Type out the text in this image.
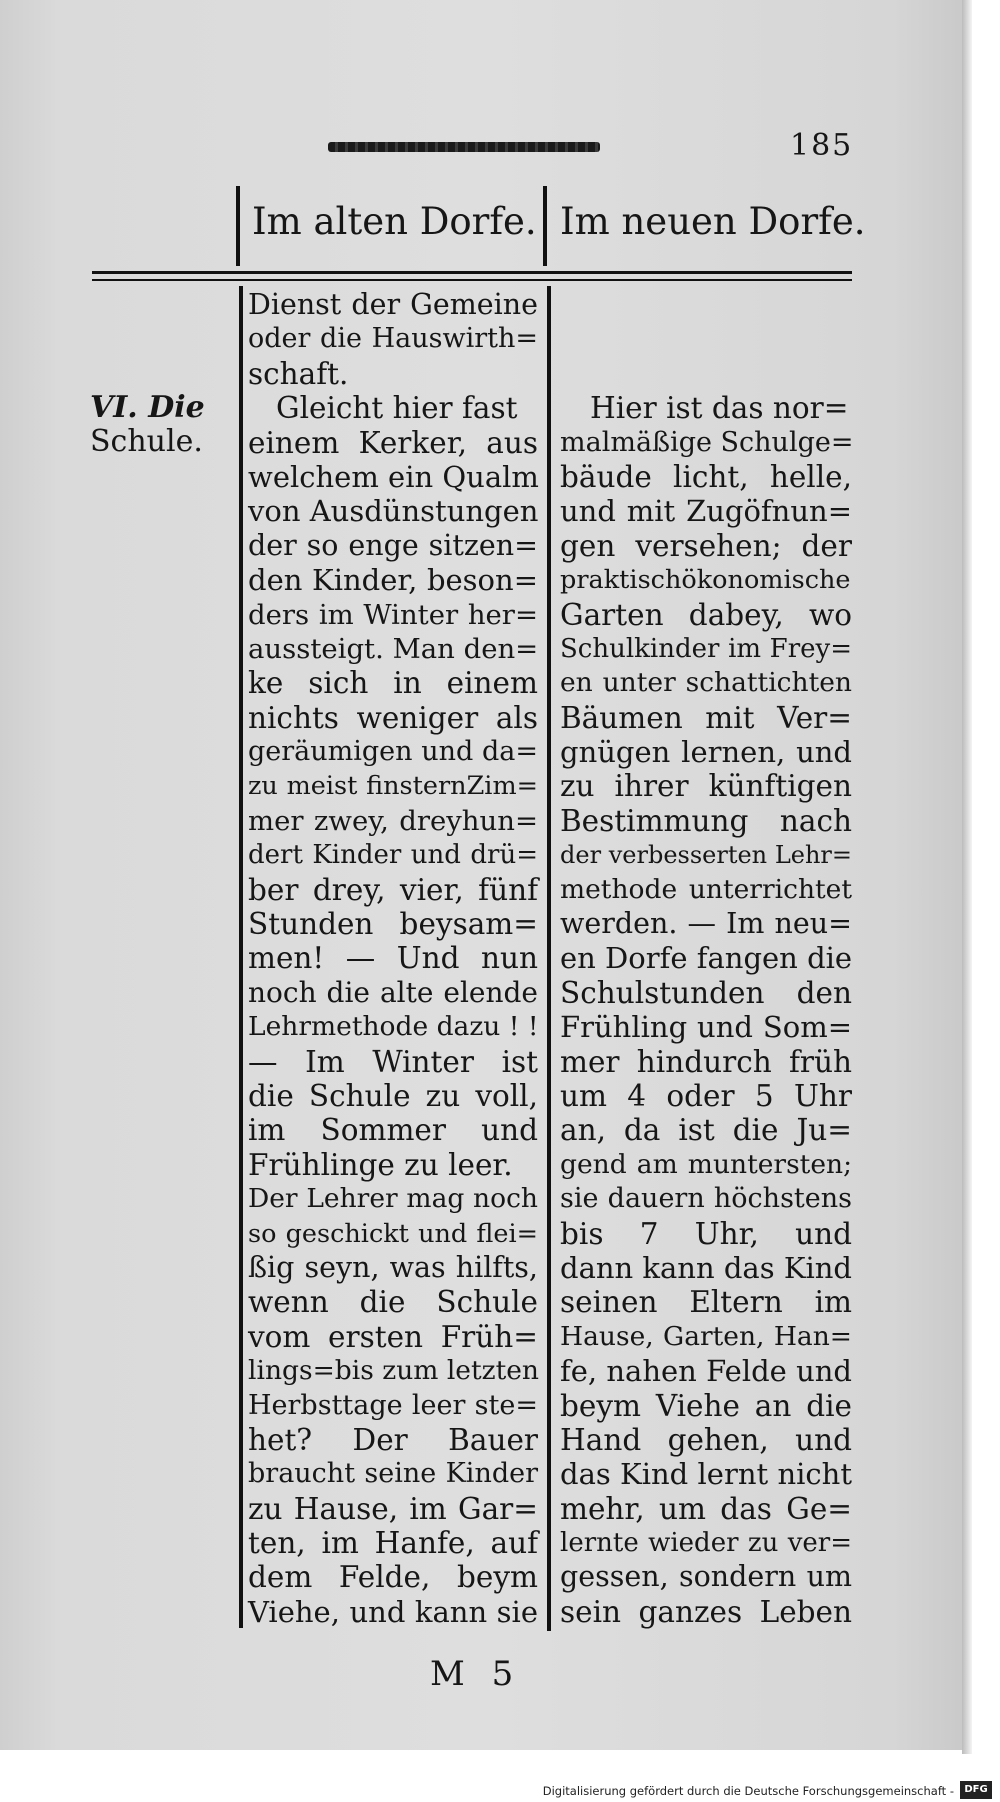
185
Im alten Dorfe. Im neuen Dorfe.
VI. Die
Schule.
Dienst der Gemeine
oder die Hauswirth=
schaft.
Gleicht hier fast
einem Kerker, aus
welchem ein Qualm
von Ausdünstungen
der so enge sitzen=
den Kinder, beson=
ders im Winter her=
aussteigt. Man den=
ke sich in einem
nichts weniger als
geräumigen und da=
zu meist finsternZim=
mer zwey, dreyhun=
dert Kinder und drü=
ber drey, vier, fünf
Stunden beysam=
men! — Und nun
noch die alte elende
Lehrmethode dazu ! !
— Im Winter ist
die Schule zu voll,
im Sommer und
Frühlinge zu leer.
Der Lehrer mag noch
so geschickt und flei=
ßig seyn, was hilfts,
wenn die Schule
vom ersten Früh=
lings=bis zum letzten
Herbsttage leer ste=
het? Der Bauer
braucht seine Kinder
zu Hause, im Gar=
ten, im Hanfe, auf
dem Felde, beym
Viehe, und kann sie
Hier ist das nor=
malmäßige Schulge=
bäude licht, helle,
und mit Zugöfnun=
gen versehen; der
praktischökonomische
Garten dabey, wo
Schulkinder im Frey=
en unter schattichten
Bäumen mit Ver=
gnügen lernen, und
zu ihrer künftigen
Bestimmung nach
der verbesserten Lehr=
methode unterrichtet
werden. — Im neu=
en Dorfe fangen die
Schulstunden den
Frühling und Som=
mer hindurch früh
um 4 oder 5 Uhr
an, da ist die Ju=
gend am muntersten;
sie dauern höchstens
bis 7 Uhr, und
dann kann das Kind
seinen Eltern im
Hause, Garten, Han=
fe, nahen Felde und
beym Viehe an die
Hand gehen, und
das Kind lernt nicht
mehr, um das Ge=
lernte wieder zu ver=
gessen, sondern um
sein ganzes Leben
M 5
Digitalisierung gefördert durch die Deutsche Forschungsgemeinschaft -	DFG
